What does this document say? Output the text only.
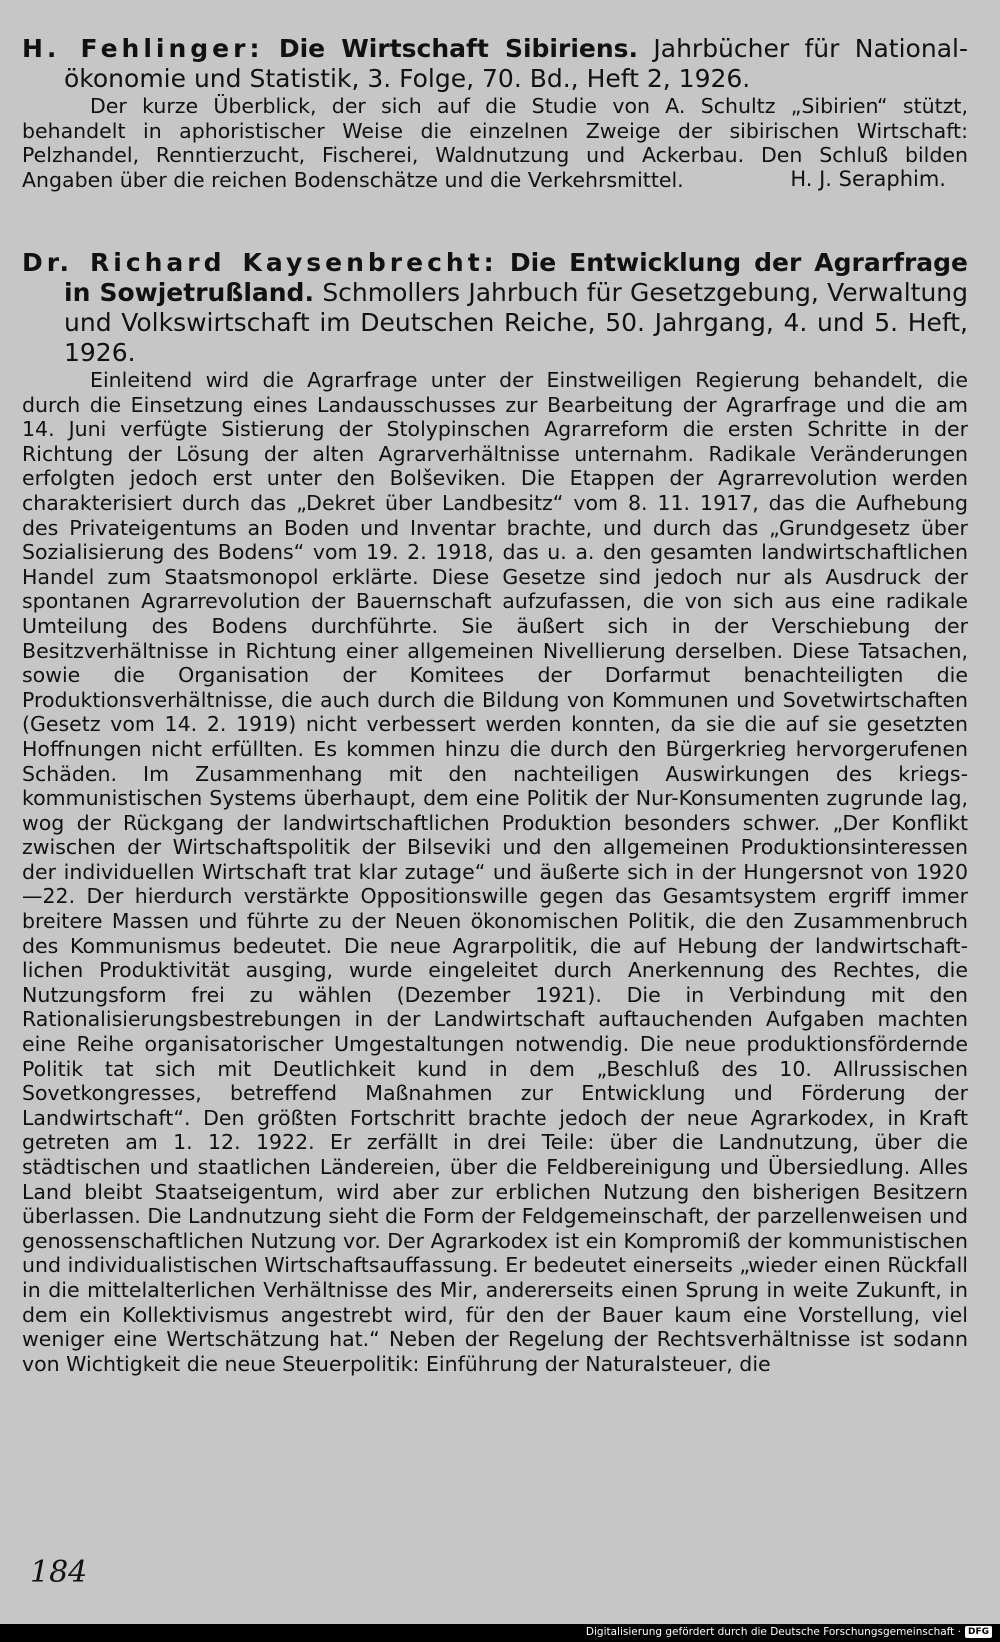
H. Fehlinger: Die Wirtschaft Sibiriens. Jahrbücher für Nationalökonomie und Statistik, 3. Folge, 70. Bd., Heft 2, 1926.

Der kurze Überblick, der sich auf die Studie von A. Schultz „Sibirien“ stützt, behandelt in aphoristischer Weise die einzelnen Zweige der sibirischen Wirtschaft: Pelzhandel, Renntierzucht, Fischerei, Waldnutzung und Ackerbau. Den Schluß bilden Angaben über die reichen Bodenschätze und die Verkehrsmittel.	H. J. Seraphim.
Dr. Richard Kaysenbrecht: Die Entwicklung der Agrarfrage in Sowjetrußland. Schmollers Jahrbuch für Gesetzgebung, Verwaltung und Volkswirtschaft im Deutschen Reiche, 50. Jahrgang, 4. und 5. Heft, 1926.

Einleitend wird die Agrarfrage unter der Einstweiligen Regierung behandelt, die durch die Einsetzung eines Landausschusses zur Bearbeitung der Agrarfrage und die am 14. Juni verfügte Sistierung der Stolypinschen Agrarreform die ersten Schritte in der Richtung der Lösung der alten Agrarverhältnisse unternahm. Radikale Veränderungen erfolgten jedoch erst unter den Bolševiken. Die Etappen der Agrarrevolution werden charakterisiert durch das „Dekret über Landbesitz“ vom 8. 11. 1917, das die Aufhebung des Privateigentums an Boden und Inventar brachte, und durch das „Grundgesetz über Sozialisierung des Bodens“ vom 19. 2. 1918, das u. a. den gesamten landwirtschaftlichen Handel zum Staatsmonopol erklärte. Diese Gesetze sind jedoch nur als Ausdruck der spontanen Agrarrevolution der Bauernschaft aufzufassen, die von sich aus eine radikale Umteilung des Bodens durchführte. Sie äußert sich in der Verschiebung der Besitzverhältnisse in Richtung einer allgemeinen Nivellierung derselben. Diese Tatsachen, sowie die Organisation der Komitees der Dorfarmut benachteiligten die Produktionsverhältnisse, die auch durch die Bildung von Kommunen und Sovetwirtschaften (Gesetz vom 14. 2. 1919) nicht verbessert werden konnten, da sie die auf sie gesetzten Hoffnungen nicht erfüllten. Es kommen hinzu die durch den Bürgerkrieg hervorgerufenen Schäden. Im Zusammenhang mit den nachteiligen Auswirkungen des kriegskommunistischen Systems überhaupt, dem eine Politik der Nur-Konsumenten zugrunde lag, wog der Rückgang der landwirtschaftlichen Produktion besonders schwer. „Der Konflikt zwischen der Wirtschaftspolitik der Bilseviki und den allgemeinen Produktionsinteressen der individuellen Wirtschaft trat klar zutage“ und äußerte sich in der Hungersnot von 1920—22. Der hierdurch verstärkte Oppositionswille gegen das Gesamtsystem ergriff immer breitere Massen und führte zu der Neuen ökonomischen Politik, die den Zusammenbruch des Kommunismus bedeutet. Die neue Agrarpolitik, die auf Hebung der landwirtschaftlichen Produktivität ausging, wurde eingeleitet durch Anerkennung des Rechtes, die Nutzungsform frei zu wählen (Dezember 1921). Die in Verbindung mit den Rationalisierungsbestrebungen in der Landwirtschaft auftauchenden Aufgaben machten eine Reihe organisatorischer Umgestaltungen notwendig. Die neue produktionsfördernde Politik tat sich mit Deutlichkeit kund in dem „Beschluß des 10. Allrussischen Sovetkongresses, betreffend Maßnahmen zur Entwicklung und Förderung der Landwirtschaft“. Den größten Fortschritt brachte jedoch der neue Agrarkodex, in Kraft getreten am 1. 12. 1922. Er zerfällt in drei Teile: über die Landnutzung, über die städtischen und staatlichen Ländereien, über die Feldbereinigung und Übersiedlung. Alles Land bleibt Staatseigentum, wird aber zur erblichen Nutzung den bisherigen Besitzern überlassen. Die Landnutzung sieht die Form der Feldgemeinschaft, der parzellenweisen und genossenschaftlichen Nutzung vor. Der Agrarkodex ist ein Kompromiß der kommunistischen und individualistischen Wirtschaftsauffassung. Er bedeutet einerseits „wieder einen Rückfall in die mittelalterlichen Verhältnisse des Mir, andererseits einen Sprung in weite Zukunft, in dem ein Kollektivismus angestrebt wird, für den der Bauer kaum eine Vorstellung, viel weniger eine Wertschätzung hat.“ Neben der Regelung der Rechtsverhältnisse ist sodann von Wichtigkeit die neue Steuerpolitik: Einführung der Naturalsteuer, die

184
Digitalisierung gefördert durch die Deutsche Forschungsgemeinschaft · DFG
